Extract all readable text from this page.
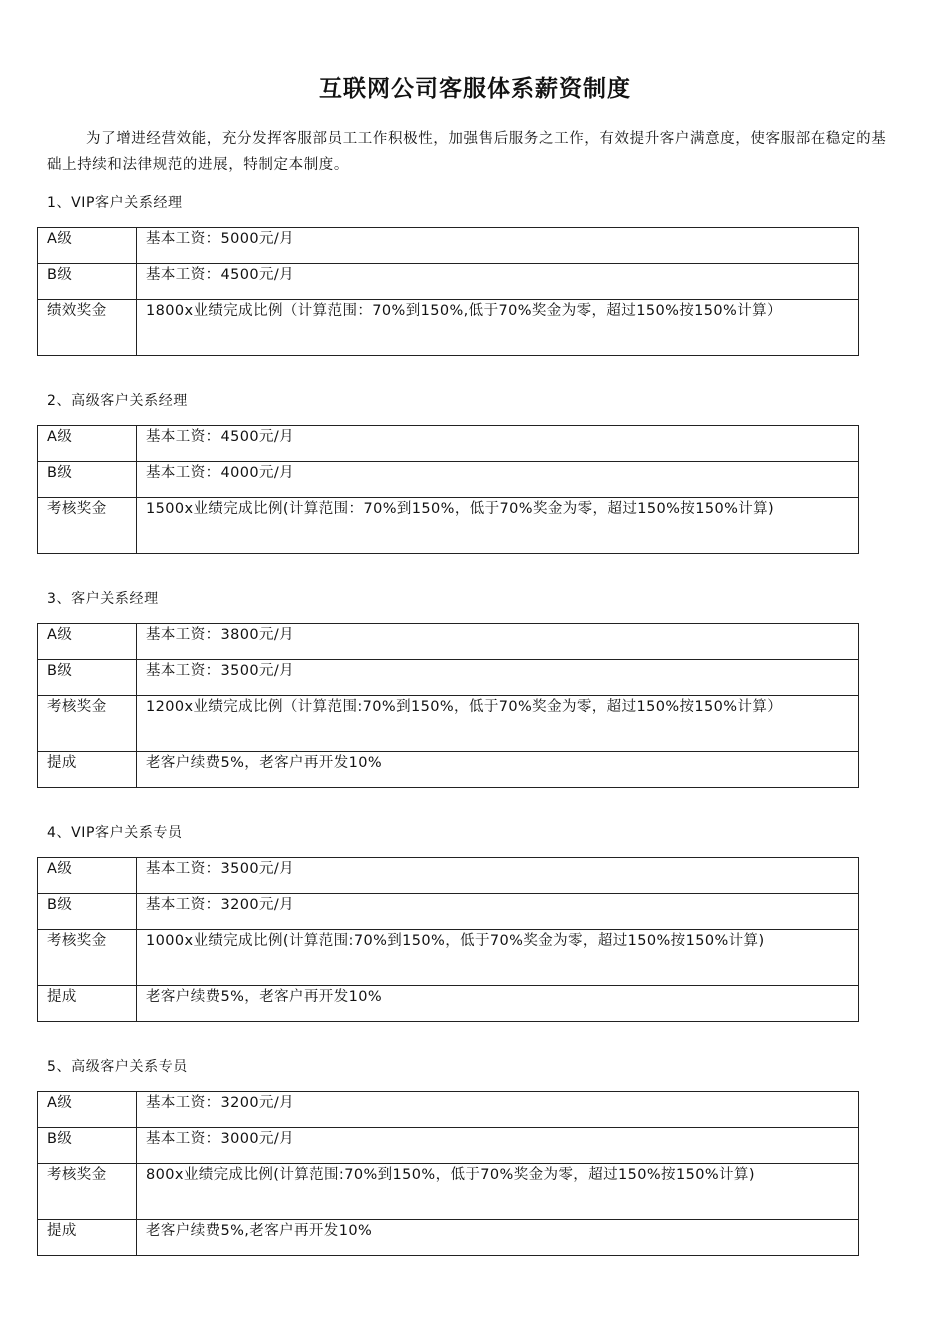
互联网公司客服体系薪资制度

为了增进经营效能，充分发挥客服部员工工作积极性，加强售后服务之工作，有效提升客户满意度，使客服部在稳定的基础上持续和法律规范的进展，特制定本制度。

1、VIP客户关系经理
A级	基本工资：5000元/月
B级	基本工资：4500元/月
绩效奖金	1800x业绩完成比例（计算范围：70%到150%,低于70%奖金为零，超过150%按150%计算）
2、高级客户关系经理
A级	基本工资：4500元/月
B级	基本工资：4000元/月
考核奖金	1500x业绩完成比例(计算范围：70%到150%，低于70%奖金为零，超过150%按150%计算)
3、客户关系经理
A级	基本工资：3800元/月
B级	基本工资：3500元/月
考核奖金	1200x业绩完成比例（计算范围:70%到150%，低于70%奖金为零，超过150%按150%计算）
提成	老客户续费5%，老客户再开发10%
4、VIP客户关系专员
A级	基本工资：3500元/月
B级	基本工资：3200元/月
考核奖金	1000x业绩完成比例(计算范围:70%到150%，低于70%奖金为零，超过150%按150%计算)
提成	老客户续费5%，老客户再开发10%
5、高级客户关系专员
A级	基本工资：3200元/月
B级	基本工资：3000元/月
考核奖金	800x业绩完成比例(计算范围:70%到150%，低于70%奖金为零，超过150%按150%计算)
提成	老客户续费5%,老客户再开发10%
